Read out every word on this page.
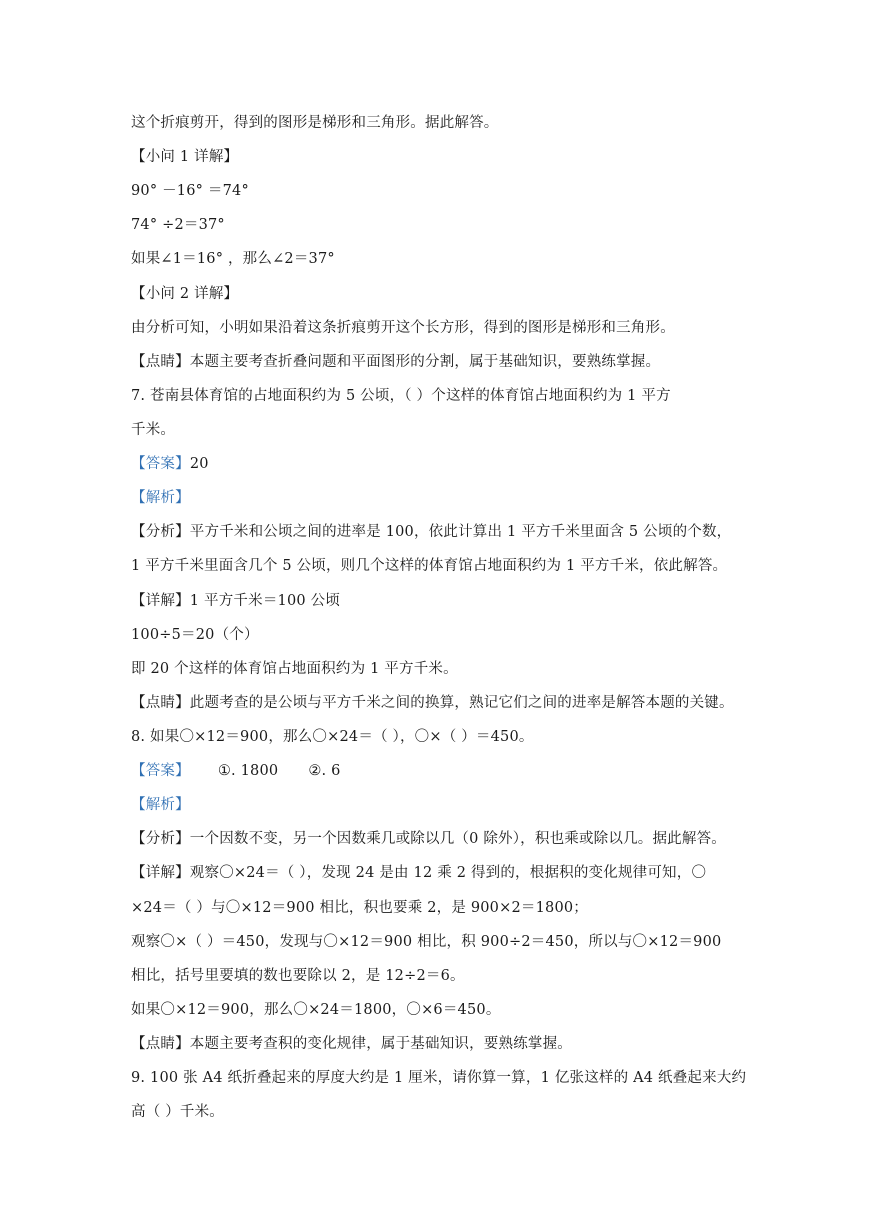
这个折痕剪开，得到的图形是梯形和三角形。据此解答。
【小问 1 详解】
90° －16° ＝74°
74° ÷2＝37°
如果∠1＝16° ，那么∠2＝37°
【小问 2 详解】
由分析可知，小明如果沿着这条折痕剪开这个长方形，得到的图形是梯形和三角形。
【点睛】本题主要考查折叠问题和平面图形的分割，属于基础知识，要熟练掌握。
7. 苍南县体育馆的占地面积约为 5 公顷，（ ）个这样的体育馆占地面积约为 1 平方
千米。
【答案】20
【解析】
【分析】平方千米和公顷之间的进率是 100，依此计算出 1 平方千米里面含 5 公顷的个数，
1 平方千米里面含几个 5 公顷，则几个这样的体育馆占地面积约为 1 平方千米，依此解答。
【详解】1 平方千米＝100 公顷
100÷5＝20（个）
即 20 个这样的体育馆占地面积约为 1 平方千米。
【点睛】此题考查的是公顷与平方千米之间的换算，熟记它们之间的进率是解答本题的关键。
8. 如果〇×12＝900，那么〇×24＝（ ），〇×（ ）＝450。
【答案】 ①. 1800 ②. 6
【解析】
【分析】一个因数不变，另一个因数乘几或除以几（0 除外），积也乘或除以几。据此解答。
【详解】观察〇×24＝（ ），发现 24 是由 12 乘 2 得到的，根据积的变化规律可知，〇
×24＝（ ）与〇×12＝900 相比，积也要乘 2，是 900×2＝1800；
观察〇×（ ）＝450，发现与〇×12＝900 相比，积 900÷2＝450，所以与〇×12＝900
相比，括号里要填的数也要除以 2，是 12÷2＝6。
如果〇×12＝900，那么〇×24＝1800，〇×6＝450。
【点睛】本题主要考查积的变化规律，属于基础知识，要熟练掌握。
9. 100 张 A4 纸折叠起来的厚度大约是 1 厘米，请你算一算，1 亿张这样的 A4 纸叠起来大约
高（ ）千米。
